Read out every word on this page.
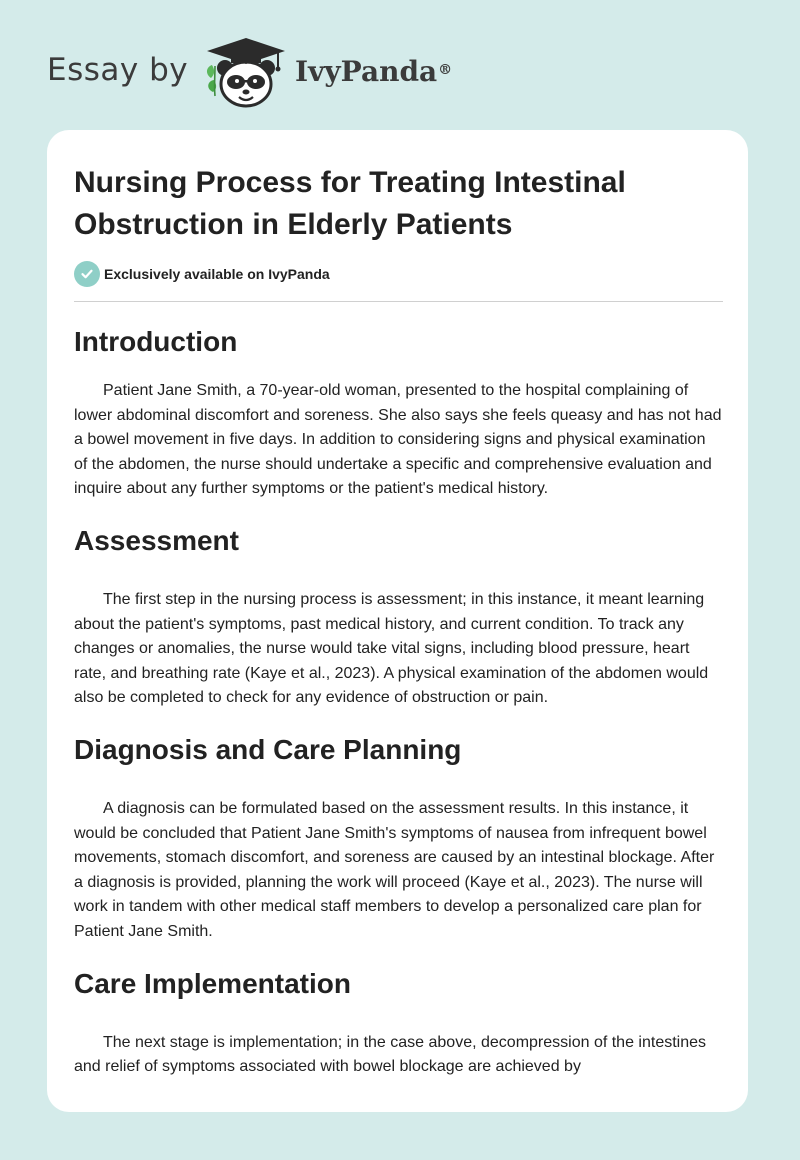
Essay by	IvyPanda®
Nursing Process for Treating Intestinal Obstruction in Elderly Patients
Exclusively available on IvyPanda
Introduction

Patient Jane Smith, a 70-year-old woman, presented to the hospital complaining of lower abdominal discomfort and soreness. She also says she feels queasy and has not had a bowel movement in five days. In addition to considering signs and physical examination of the abdomen, the nurse should undertake a specific and comprehensive evaluation and inquire about any further symptoms or the patient's medical history.

Assessment

The first step in the nursing process is assessment; in this instance, it meant learning about the patient's symptoms, past medical history, and current condition. To track any changes or anomalies, the nurse would take vital signs, including blood pressure, heart rate, and breathing rate (Kaye et al., 2023). A physical examination of the abdomen would also be completed to check for any evidence of obstruction or pain.

Diagnosis and Care Planning

A diagnosis can be formulated based on the assessment results. In this instance, it would be concluded that Patient Jane Smith's symptoms of nausea from infrequent bowel movements, stomach discomfort, and soreness are caused by an intestinal blockage. After a diagnosis is provided, planning the work will proceed (Kaye et al., 2023). The nurse will work in tandem with other medical staff members to develop a personalized care plan for Patient Jane Smith.

Care Implementation

The next stage is implementation; in the case above, decompression of the intestines and relief of symptoms associated with bowel blockage are achieved by
